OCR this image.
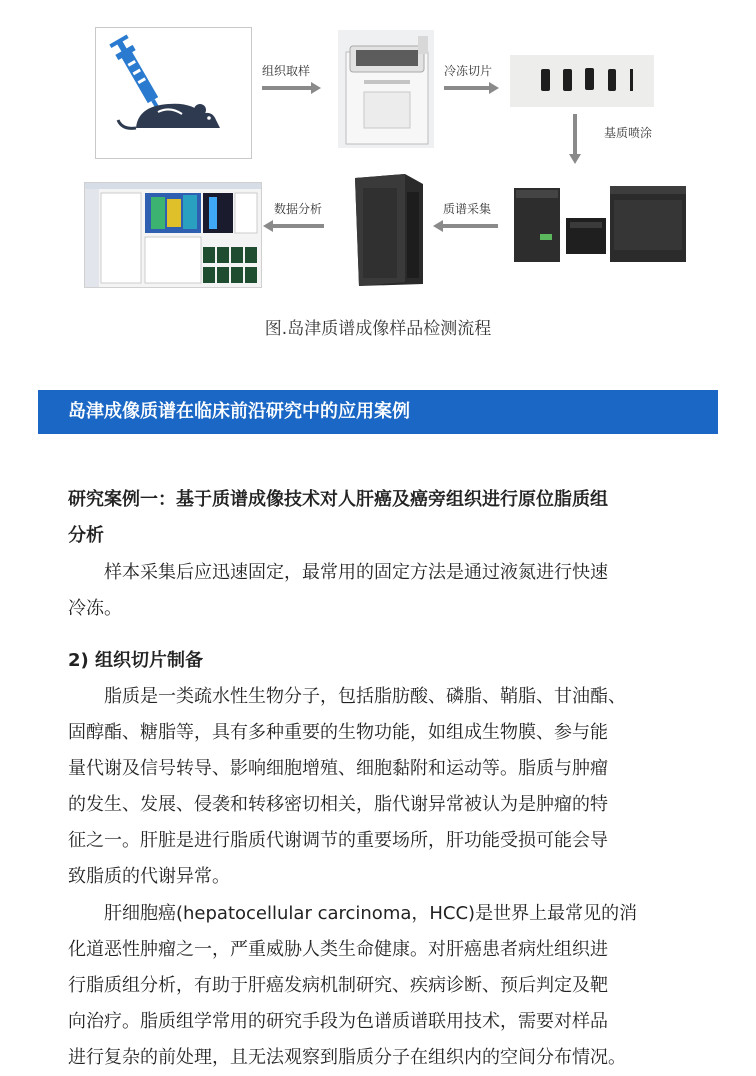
组织取样	冷冻切片
基质喷涂
质谱采集
数据分析
图.岛津质谱成像样品检测流程
岛津成像质谱在临床前沿研究中的应用案例

研究案例一：基于质谱成像技术对人肝癌及癌旁组织进行原位脂质组

分析

样本采集后应迅速固定，最常用的固定方法是通过液氮进行快速

冷冻。

2) 组织切片制备

脂质是一类疏水性生物分子，包括脂肪酸、磷脂、鞘脂、甘油酯、

固醇酯、糖脂等，具有多种重要的生物功能，如组成生物膜、参与能

量代谢及信号转导、影响细胞增殖、细胞黏附和运动等。脂质与肿瘤

的发生、发展、侵袭和转移密切相关，脂代谢异常被认为是肿瘤的特

征之一。肝脏是进行脂质代谢调节的重要场所，肝功能受损可能会导

致脂质的代谢异常。

肝细胞癌(hepatocellular carcinoma，HCC)是世界上最常见的消

化道恶性肿瘤之一，严重威胁人类生命健康。对肝癌患者病灶组织进

行脂质组分析，有助于肝癌发病机制研究、疾病诊断、预后判定及靶

向治疗。脂质组学常用的研究手段为色谱质谱联用技术，需要对样品

进行复杂的前处理，且无法观察到脂质分子在组织内的空间分布情况。
